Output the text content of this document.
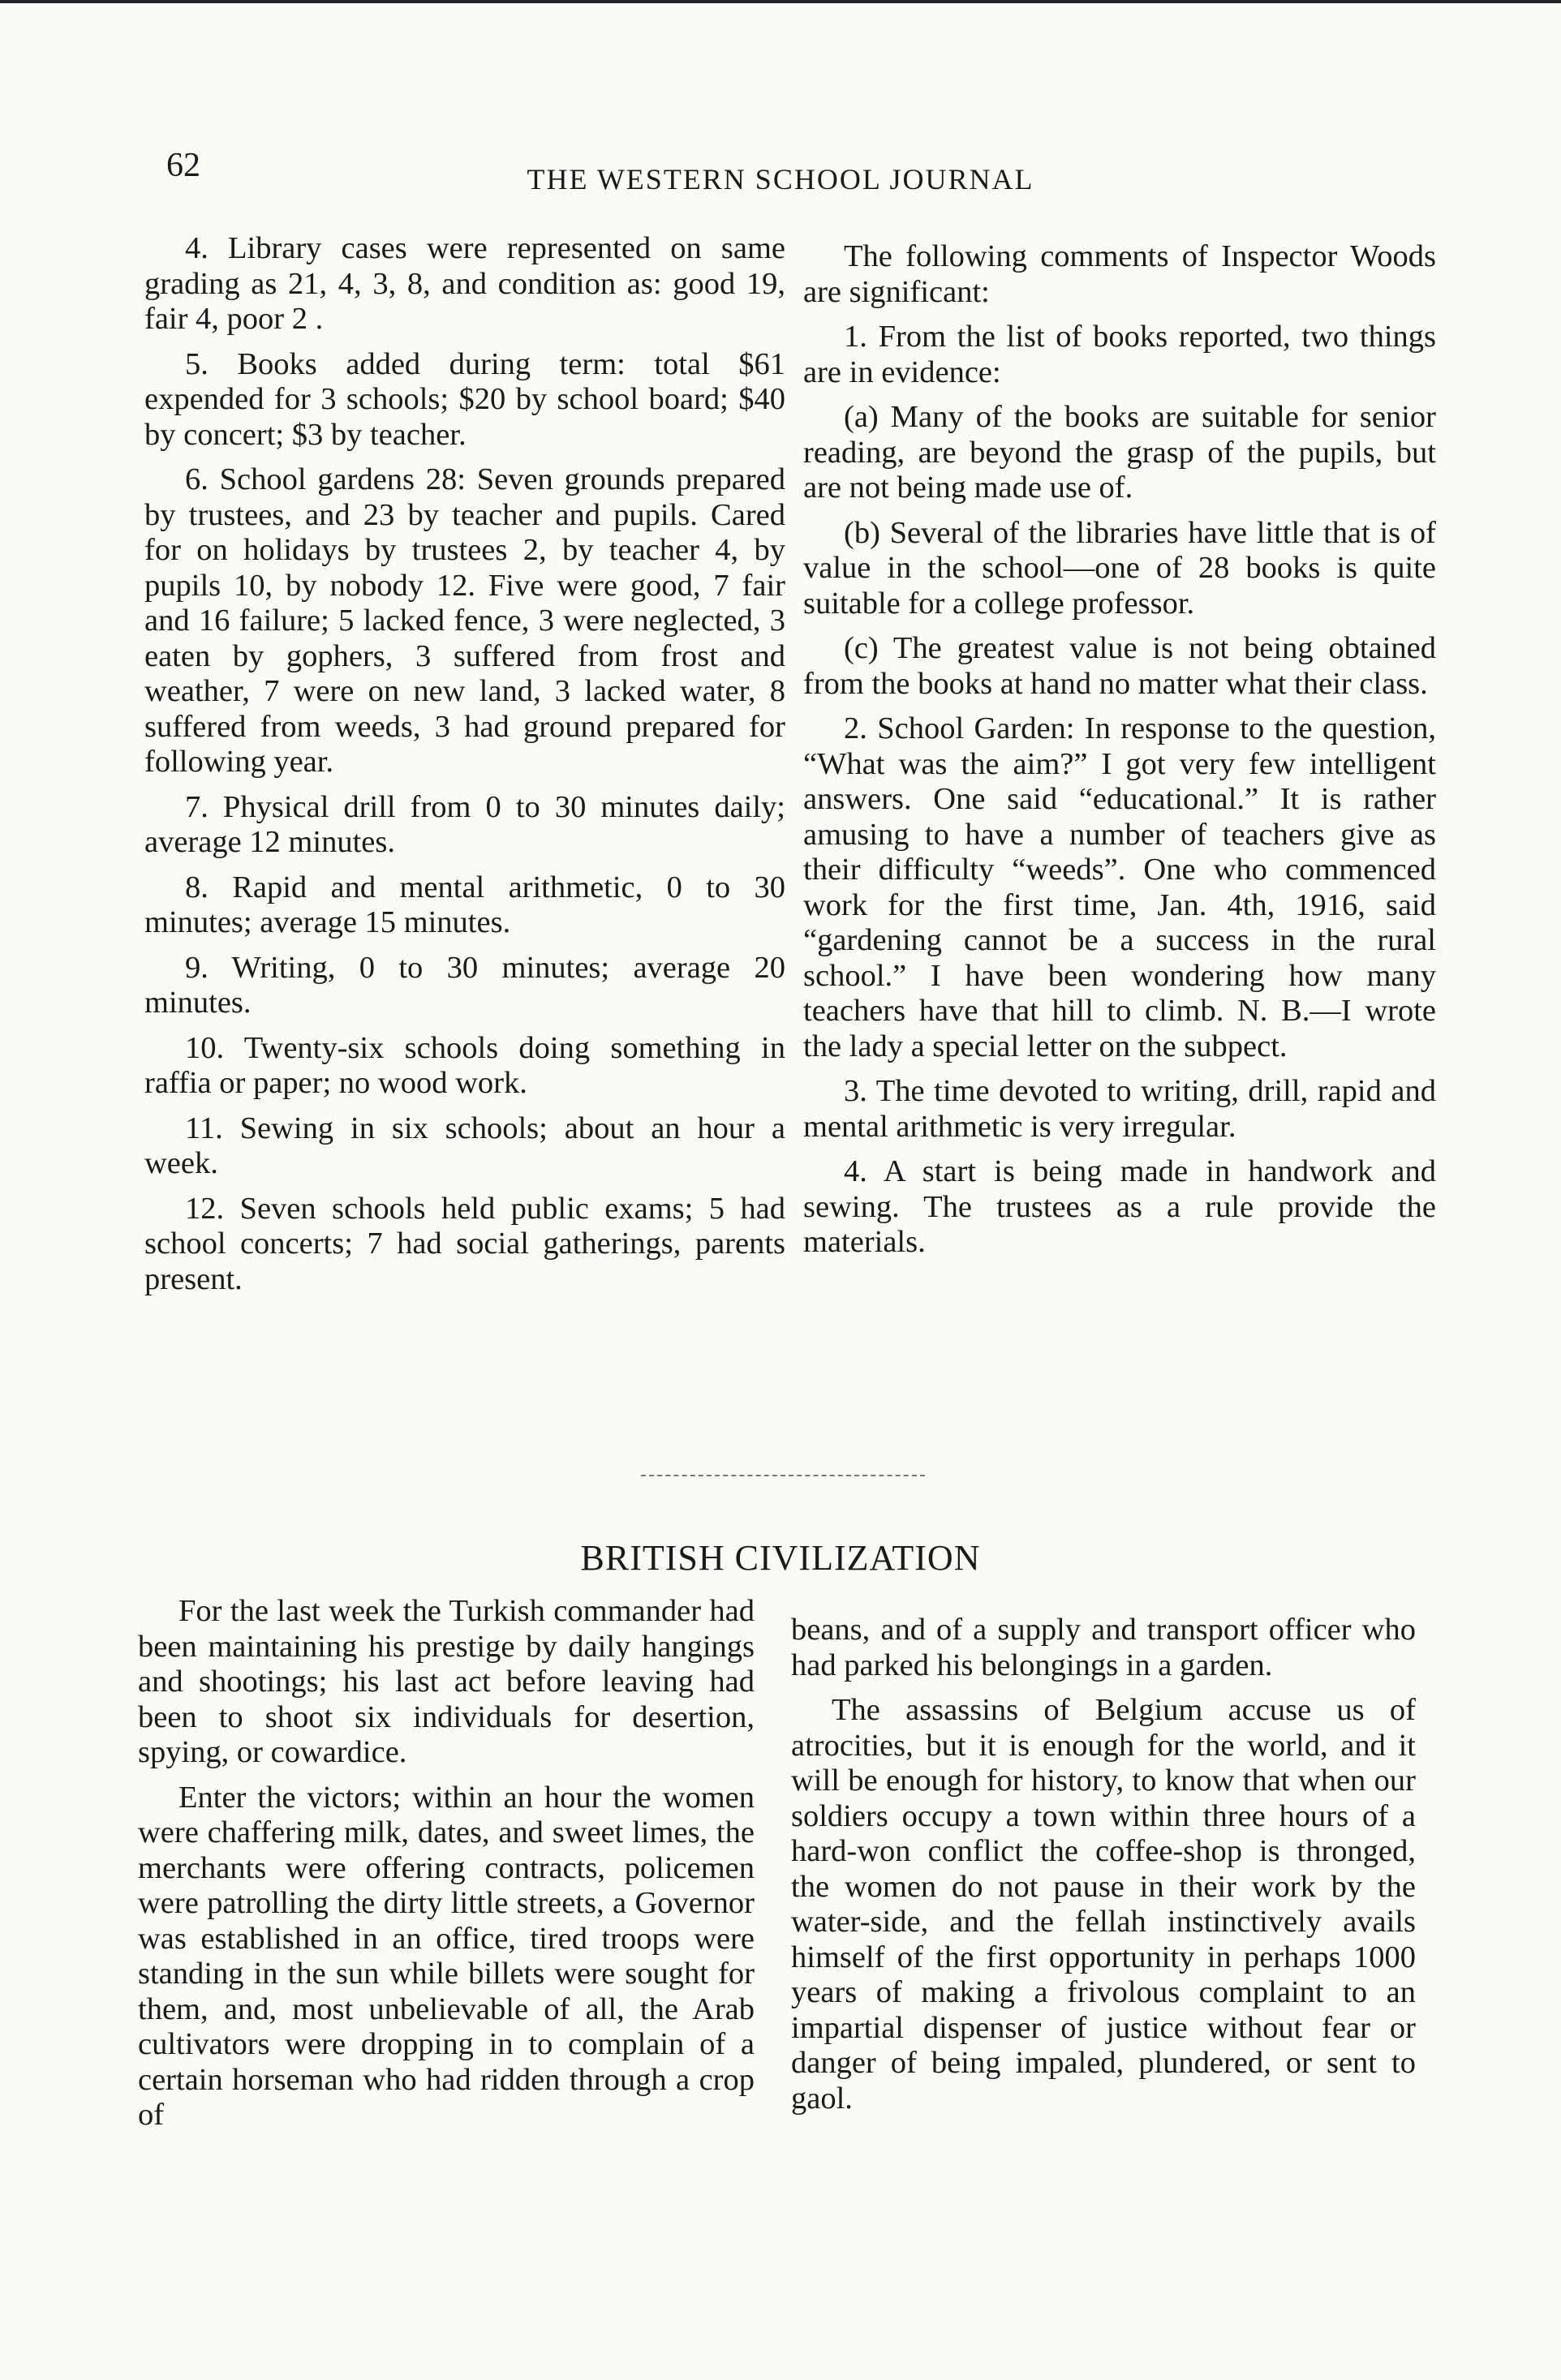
62	THE WESTERN SCHOOL JOURNAL

4. Library cases were represented on same grading as 21, 4, 3, 8, and condition as: good 19, fair 4, poor 2 .

5. Books added during term: total $61 expended for 3 schools; $20 by school board; $40 by concert; $3 by teacher.

6. School gardens 28: Seven grounds prepared by trustees, and 23 by teacher and pupils. Cared for on holidays by trustees 2, by teacher 4, by pupils 10, by nobody 12. Five were good, 7 fair and 16 failure; 5 lacked fence, 3 were neglected, 3 eaten by gophers, 3 suffered from frost and weather, 7 were on new land, 3 lacked water, 8 suffered from weeds, 3 had ground prepared for following year.

7. Physical drill from 0 to 30 minutes daily; average 12 minutes.

8. Rapid and mental arithmetic, 0 to 30 minutes; average 15 minutes.

9. Writing, 0 to 30 minutes; average 20 minutes.

10. Twenty-six schools doing something in raffia or paper; no wood work.

11. Sewing in six schools; about an hour a week.

12. Seven schools held public exams; 5 had school concerts; 7 had social gatherings, parents present.

The following comments of Inspector Woods are significant:

1. From the list of books reported, two things are in evidence:

(a) Many of the books are suitable for senior reading, are beyond the grasp of the pupils, but are not being made use of.

(b) Several of the libraries have little that is of value in the school—one of 28 books is quite suitable for a college professor.

(c) The greatest value is not being obtained from the books at hand no matter what their class.

2. School Garden: In response to the question, “What was the aim?” I got very few intelligent answers. One said “educational.” It is rather amusing to have a number of teachers give as their difficulty “weeds”. One who commenced work for the first time, Jan. 4th, 1916, said “gardening cannot be a success in the rural school.” I have been wondering how many teachers have that hill to climb. N. B.—I wrote the lady a special letter on the subpect.

3. The time devoted to writing, drill, rapid and mental arithmetic is very irregular.

4. A start is being made in handwork and sewing. The trustees as a rule provide the materials.

BRITISH CIVILIZATION

For the last week the Turkish commander had been maintaining his prestige by daily hangings and shootings; his last act before leaving had been to shoot six individuals for desertion, spying, or cowardice.

Enter the victors; within an hour the women were chaffering milk, dates, and sweet limes, the merchants were offering contracts, policemen were patrolling the dirty little streets, a Governor was established in an office, tired troops were standing in the sun while billets were sought for them, and, most unbelievable of all, the Arab cultivators were dropping in to complain of a certain horseman who had ridden through a crop of

beans, and of a supply and transport officer who had parked his belongings in a garden.

The assassins of Belgium accuse us of atrocities, but it is enough for the world, and it will be enough for history, to know that when our soldiers occupy a town within three hours of a hard-won conflict the coffee-shop is thronged, the women do not pause in their work by the water-side, and the fellah instinctively avails himself of the first opportunity in perhaps 1000 years of making a frivolous complaint to an impartial dispenser of justice without fear or danger of being impaled, plundered, or sent to gaol.
